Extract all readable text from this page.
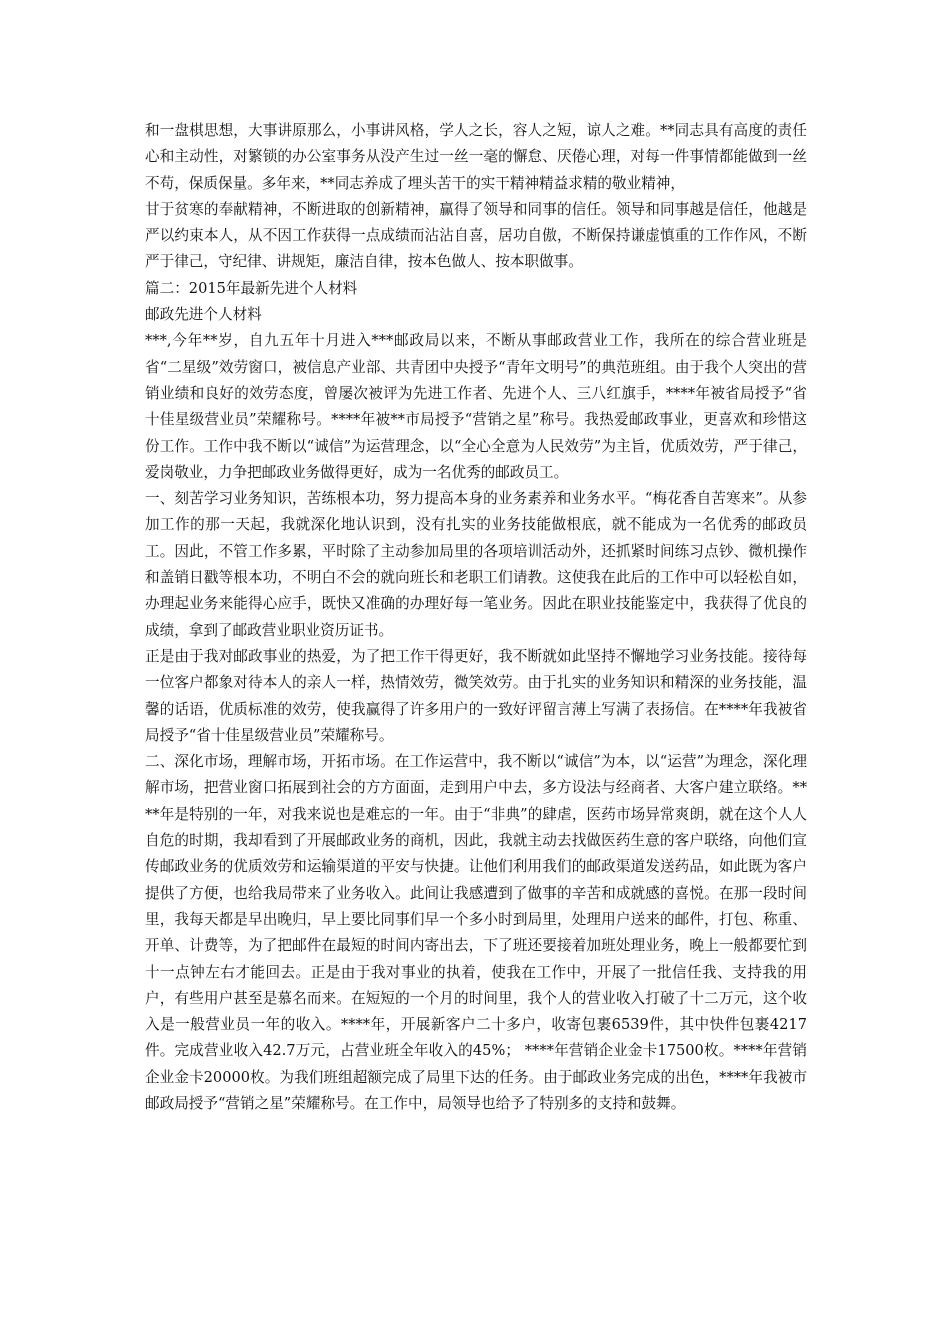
和一盘棋思想，大事讲原那么，小事讲风格，学人之长，容人之短，谅人之难。**同志具有高度的责任心和主动性，对繁锁的办公室事务从没产生过一丝一毫的懈怠、厌倦心理，对每一件事情都能做到一丝不苟，保质保量。多年来，**同志养成了埋头苦干的实干精神精益求精的敬业精神，

甘于贫寒的奉献精神，不断进取的创新精神，赢得了领导和同事的信任。领导和同事越是信任，他越是严以约束本人，从不因工作获得一点成绩而沾沾自喜，居功自傲，不断保持谦虚慎重的工作作风，不断严于律己，守纪律、讲规矩，廉洁自律，按本色做人、按本职做事。

篇二：2015年最新先进个人材料

邮政先进个人材料

***,今年**岁，自九五年十月进入***邮政局以来，不断从事邮政营业工作，我所在的综合营业班是省“二星级”效劳窗口，被信息产业部、共青团中央授予“青年文明号”的典范班组。由于我个人突出的营销业绩和良好的效劳态度，曾屡次被评为先进工作者、先进个人、三八红旗手，****年被省局授予“省十佳星级营业员”荣耀称号。****年被**市局授予“营销之星”称号。我热爱邮政事业，更喜欢和珍惜这份工作。工作中我不断以“诚信”为运营理念，以“全心全意为人民效劳”为主旨，优质效劳，严于律己，爱岗敬业，力争把邮政业务做得更好，成为一名优秀的邮政员工。

一、刻苦学习业务知识，苦练根本功，努力提高本身的业务素养和业务水平。“梅花香自苦寒来”。从参加工作的那一天起，我就深化地认识到，没有扎实的业务技能做根底，就不能成为一名优秀的邮政员工。因此，不管工作多累，平时除了主动参加局里的各项培训活动外，还抓紧时间练习点钞、微机操作和盖销日戳等根本功，不明白不会的就向班长和老职工们请教。这使我在此后的工作中可以轻松自如，办理起业务来能得心应手，既快又准确的办理好每一笔业务。因此在职业技能鉴定中，我获得了优良的成绩，拿到了邮政营业职业资历证书。

正是由于我对邮政事业的热爱，为了把工作干得更好，我不断就如此坚持不懈地学习业务技能。接待每一位客户都象对待本人的亲人一样，热情效劳，微笑效劳。由于扎实的业务知识和精深的业务技能，温馨的话语，优质标准的效劳，使我赢得了许多用户的一致好评留言薄上写满了表扬信。在****年我被省局授予“省十佳星级营业员”荣耀称号。

二、深化市场，理解市场，开拓市场。在工作运营中，我不断以“诚信”为本，以“运营”为理念，深化理解市场，把营业窗口拓展到社会的方方面面，走到用户中去，多方设法与经商者、大客户建立联络。****年是特别的一年，对我来说也是难忘的一年。由于“非典”的肆虐，医药市场异常爽朗，就在这个人人自危的时期，我却看到了开展邮政业务的商机，因此，我就主动去找做医药生意的客户联络，向他们宣传邮政业务的优质效劳和运输渠道的平安与快捷。让他们利用我们的邮政渠道发送药品，如此既为客户提供了方便，也给我局带来了业务收入。此间让我感遭到了做事的辛苦和成就感的喜悦。在那一段时间里，我每天都是早出晚归，早上要比同事们早一个多小时到局里，处理用户送来的邮件，打包、称重、开单、计费等，为了把邮件在最短的时间内寄出去，下了班还要接着加班处理业务，晚上一般都要忙到十一点钟左右才能回去。正是由于我对事业的执着，使我在工作中，开展了一批信任我、支持我的用户，有些用户甚至是慕名而来。在短短的一个月的时间里，我个人的营业收入打破了十二万元，这个收入是一般营业员一年的收入。****年，开展新客户二十多户，收寄包裹6539件，其中快件包裹4217件。完成营业收入42.7万元，占营业班全年收入的45%； ****年营销企业金卡17500枚。****年营销企业金卡20000枚。为我们班组超额完成了局里下达的任务。由于邮政业务完成的出色，****年我被市邮政局授予“营销之星”荣耀称号。在工作中，局领导也给予了特别多的支持和鼓舞。
